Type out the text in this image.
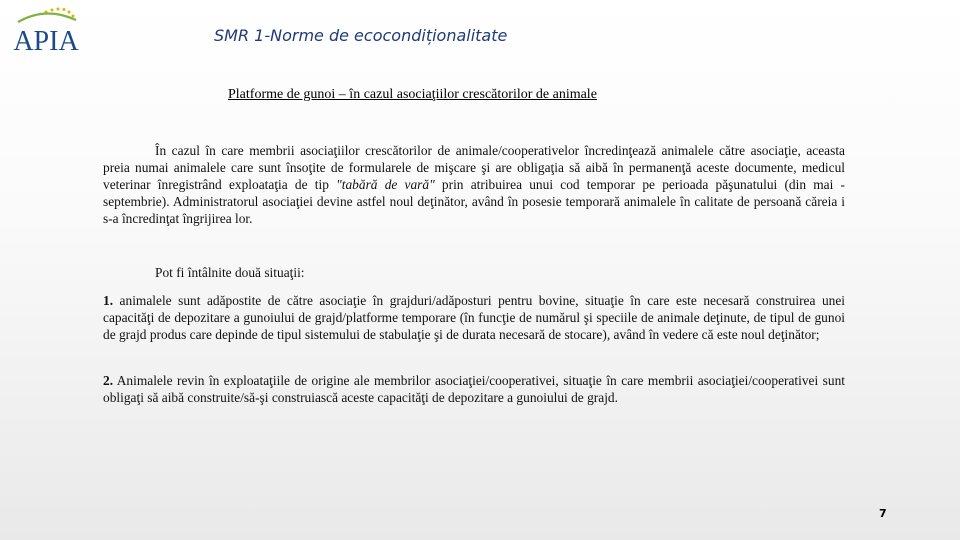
APIA	SMR 1-Norme de ecocondiționalitate
Platforme de gunoi – în cazul asociaţiilor crescătorilor de animale

În cazul în care membrii asociaţiilor crescătorilor de animale/cooperativelor încredinţează animalele către asociaţie, aceasta preia numai animalele care sunt însoţite de formularele de mişcare şi are obligaţia să aibă în permanenţă aceste documente, medicul veterinar înregistrând exploataţia de tip "tabără de vară" prin atribuirea unui cod temporar pe perioada păşunatului (din mai - septembrie). Administratorul asociaţiei devine astfel noul deţinător, având în posesie temporară animalele în calitate de persoană căreia i s-a încredinţat îngrijirea lor.

Pot fi întâlnite două situaţii:

1. animalele sunt adăpostite de către asociaţie în grajduri/adăposturi pentru bovine, situaţie în care este necesară construirea unei capacităţi de depozitare a gunoiului de grajd/platforme temporare (în funcţie de numărul şi speciile de animale deţinute, de tipul de gunoi de grajd produs care depinde de tipul sistemului de stabulaţie şi de durata necesară de stocare), având în vedere că este noul deţinător;

2. Animalele revin în exploataţiile de origine ale membrilor asociaţiei/cooperativei, situaţie în care membrii asociaţiei/cooperativei sunt obligaţi să aibă construite/să-şi construiască aceste capacităţi de depozitare a gunoiului de grajd.

7
